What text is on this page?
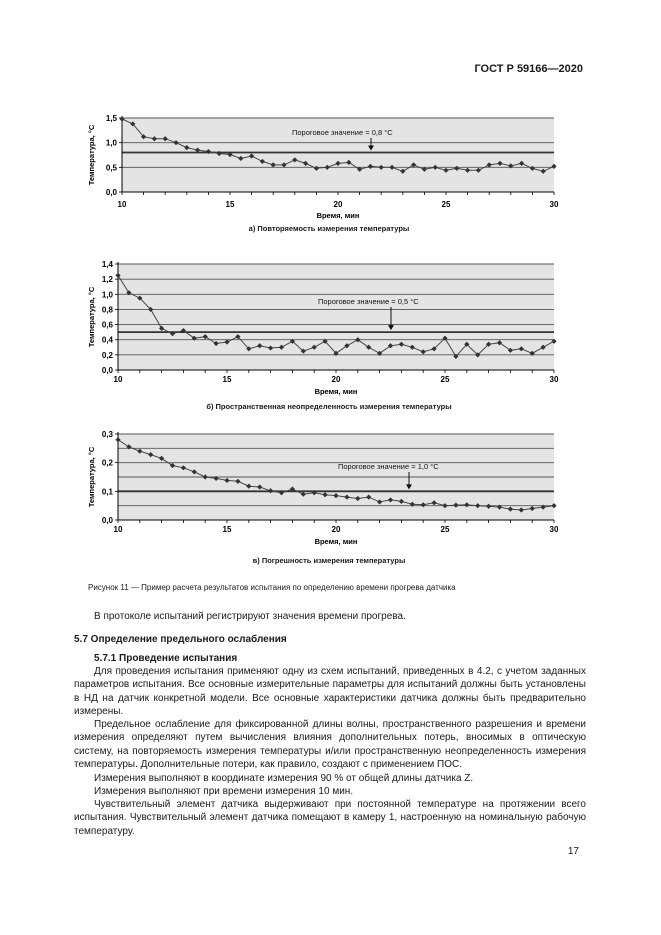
ГОСТ Р 59166—2020
0,0
0,5
1,0
1,5
10	15	20	25	30
Время, мин
Температура, °С	Пороговое значение = 0,8 °С
а) Повторяемость измерения температуры
0,0
0,2
0,4
0,6
0,8
1,0
1,2
1,4
10	15	20	25	30
Время, мин
Температура, °С	Пороговое значение = 0,5 °С
б) Пространственная неопределенность измерения температуры
0,0
0,1
0,2
0,3
10	15	20	25	30
Время, мин
Температура, °С	Пороговое значение = 1,0 °С
в) Погрешность измерения температуры
Рисунок 11 — Пример расчета результатов испытания по определению времени прогрева датчика
В протоколе испытаний регистрируют значения времени прогрева.
5.7 Определение предельного ослабления
5.7.1 Проведение испытания
Для проведения испытания применяют одну из схем испытаний, приведенных в 4.2, с учетом заданных параметров испытания. Все основные измерительные параметры для испытаний должны быть установлены в НД на датчик конкретной модели. Все основные характеристики датчика должны быть предварительно измерены.
Предельное ослабление для фиксированной длины волны, пространственного разрешения и времени измерения определяют путем вычисления влияния дополнительных потерь, вносимых в оптическую систему, на повторяемость измерения температуры и/или пространственную неопределенность измерения температуры. Дополнительные потери, как правило, создают с применением ПОС.
Измерения выполняют в координате измерения 90 % от общей длины датчика Z.
Измерения выполняют при времени измерения 10 мин.
Чувствительный элемент датчика выдерживают при постоянной температуре на протяжении всего испытания. Чувствительный элемент датчика помещают в камеру 1, настроенную на номинальную рабочую температуру.
17
